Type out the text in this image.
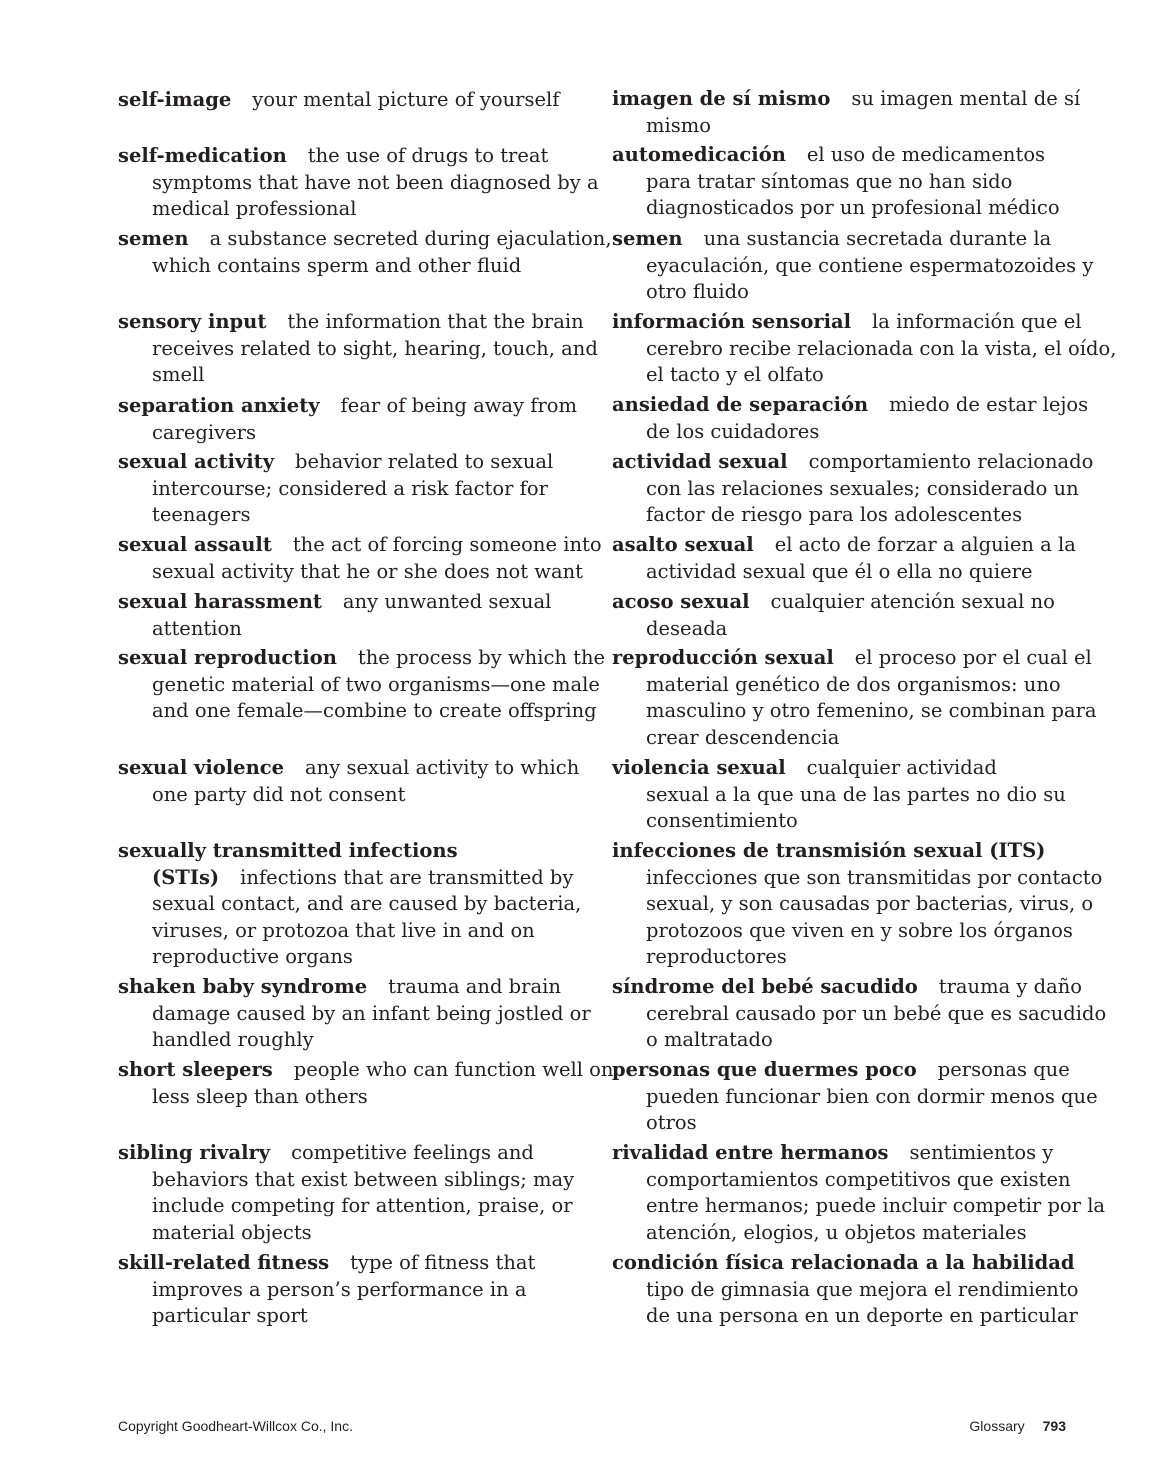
self-image your mental picture of yourself

self-medication the use of drugs to treat

symptoms that have not been diagnosed by a

medical professional

semen a substance secreted during ejaculation,

which contains sperm and other fluid

sensory input the information that the brain

receives related to sight, hearing, touch, and

smell

separation anxiety fear of being away from

caregivers

sexual activity behavior related to sexual

intercourse; considered a risk factor for

teenagers

sexual assault the act of forcing someone into

sexual activity that he or she does not want

sexual harassment any unwanted sexual

attention

sexual reproduction the process by which the

genetic material of two organisms—one male

and one female—combine to create offspring

sexual violence any sexual activity to which

one party did not consent

sexually transmitted infections

(STIs) infections that are transmitted by

sexual contact, and are caused by bacteria,

viruses, or protozoa that live in and on

reproductive organs

shaken baby syndrome trauma and brain

damage caused by an infant being jostled or

handled roughly

short sleepers people who can function well on

less sleep than others

sibling rivalry competitive feelings and

behaviors that exist between siblings; may

include competing for attention, praise, or

material objects

skill-related fitness type of fitness that

improves a person’s performance in a

particular sport

imagen de sí mismo su imagen mental de sí

mismo

automedicación el uso de medicamentos

para tratar síntomas que no han sido

diagnosticados por un profesional médico

semen una sustancia secretada durante la

eyaculación, que contiene espermatozoides y

otro fluido

información sensorial la información que el

cerebro recibe relacionada con la vista, el oído,

el tacto y el olfato

ansiedad de separación miedo de estar lejos

de los cuidadores

actividad sexual comportamiento relacionado

con las relaciones sexuales; considerado un

factor de riesgo para los adolescentes

asalto sexual el acto de forzar a alguien a la

actividad sexual que él o ella no quiere

acoso sexual cualquier atención sexual no

deseada

reproducción sexual el proceso por el cual el

material genético de dos organismos: uno

masculino y otro femenino, se combinan para

crear descendencia

violencia sexual cualquier actividad

sexual a la que una de las partes no dio su

consentimiento

infecciones de transmisión sexual (ITS)

infecciones que son transmitidas por contacto

sexual, y son causadas por bacterias, virus, o

protozoos que viven en y sobre los órganos

reproductores

síndrome del bebé sacudido trauma y daño

cerebral causado por un bebé que es sacudido

o maltratado

personas que duermes poco personas que

pueden funcionar bien con dormir menos que

otros

rivalidad entre hermanos sentimientos y

comportamientos competitivos que existen

entre hermanos; puede incluir competir por la

atención, elogios, u objetos materiales

condición física relacionada a la habilidad

tipo de gimnasia que mejora el rendimiento

de una persona en un deporte en particular

Copyright Goodheart-Willcox Co., Inc.	Glossary 793
